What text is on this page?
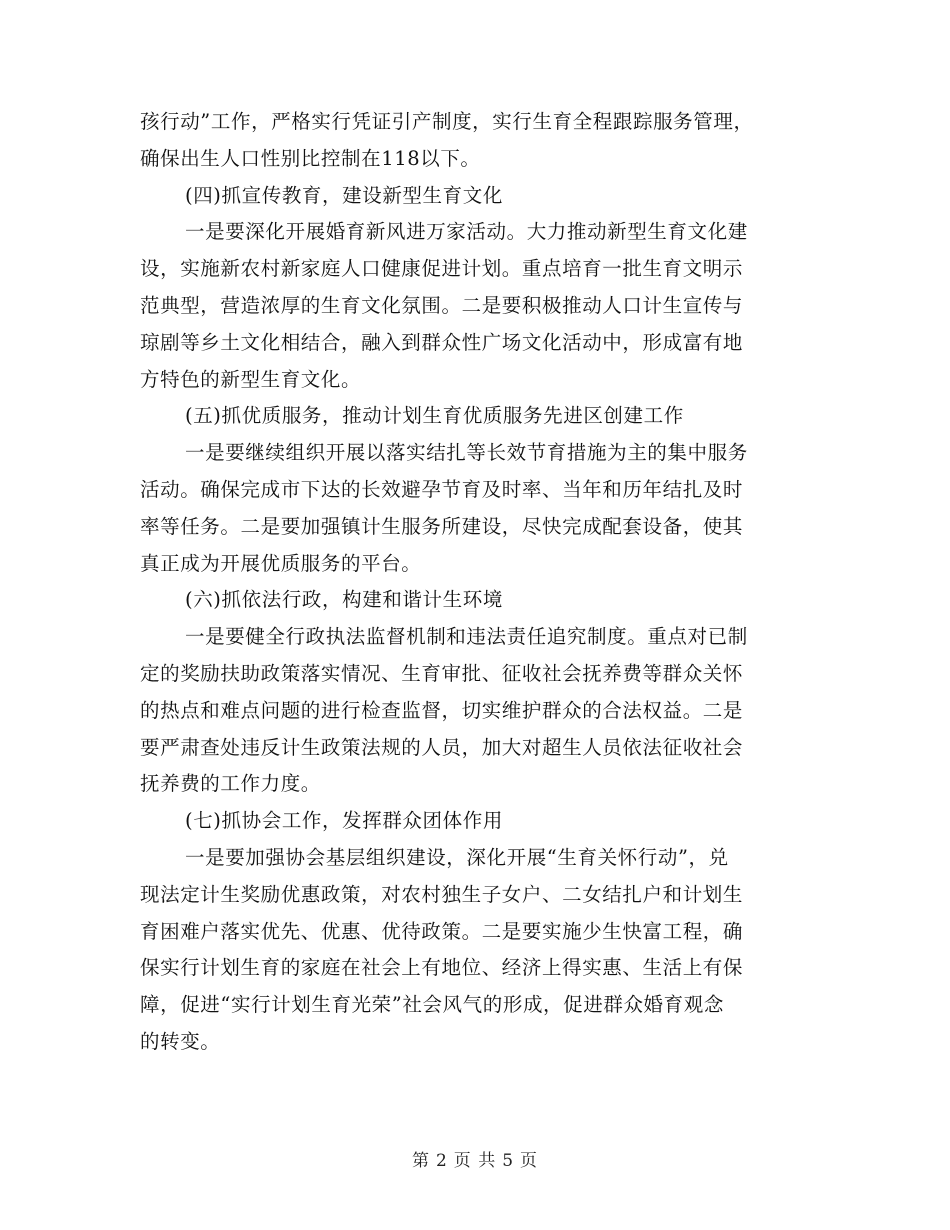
孩行动”工作，严格实行凭证引产制度，实行生育全程跟踪服务管理，
确保出生人口性别比控制在118以下。
(四)抓宣传教育，建设新型生育文化
一是要深化开展婚育新风进万家活动。大力推动新型生育文化建
设，实施新农村新家庭人口健康促进计划。重点培育一批生育文明示
范典型，营造浓厚的生育文化氛围。二是要积极推动人口计生宣传与
琼剧等乡土文化相结合，融入到群众性广场文化活动中，形成富有地
方特色的新型生育文化。
(五)抓优质服务，推动计划生育优质服务先进区创建工作
一是要继续组织开展以落实结扎等长效节育措施为主的集中服务
活动。确保完成市下达的长效避孕节育及时率、当年和历年结扎及时
率等任务。二是要加强镇计生服务所建设，尽快完成配套设备，使其
真正成为开展优质服务的平台。
(六)抓依法行政，构建和谐计生环境
一是要健全行政执法监督机制和违法责任追究制度。重点对已制
定的奖励扶助政策落实情况、生育审批、征收社会抚养费等群众关怀
的热点和难点问题的进行检查监督，切实维护群众的合法权益。二是
要严肃查处违反计生政策法规的人员，加大对超生人员依法征收社会
抚养费的工作力度。
(七)抓协会工作，发挥群众团体作用
一是要加强协会基层组织建设，深化开展“生育关怀行动”，兑
现法定计生奖励优惠政策，对农村独生子女户、二女结扎户和计划生
育困难户落实优先、优惠、优待政策。二是要实施少生快富工程，确
保实行计划生育的家庭在社会上有地位、经济上得实惠、生活上有保
障，促进“实行计划生育光荣”社会风气的形成，促进群众婚育观念
的转变。
第 2 页 共 5 页
